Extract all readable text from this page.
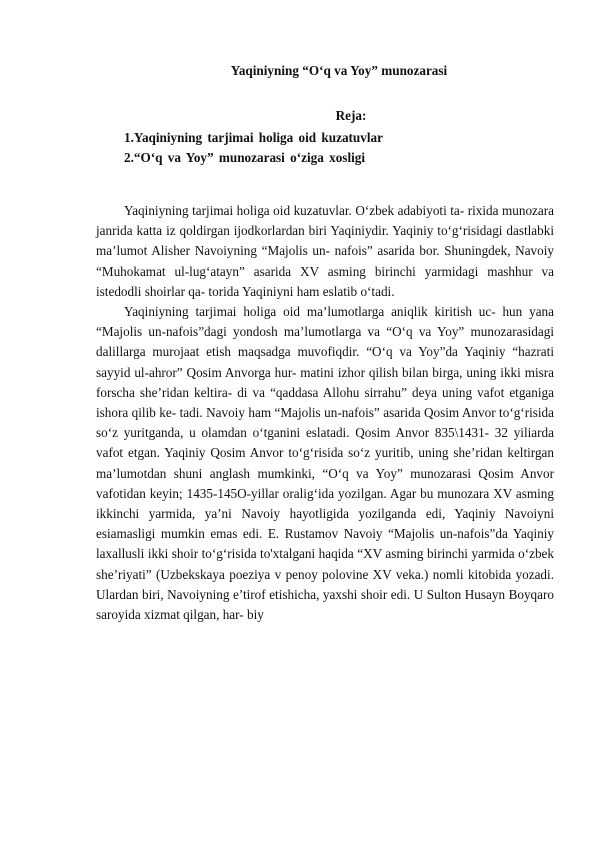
Yaqiniyning “O‘q va Yoy” munozarasi
Reja:
1.Yaqiniyning tarjimai holiga oid kuzatuvlar
2.“O‘q va Yoy” munozarasi o‘ziga xosligi

Yaqiniyning tarjimai holiga oid kuzatuvlar. O‘zbek adabiyoti ta- rixida munozara janrida katta iz qoldirgan ijodkorlardan biri Yaqiniydir. Yaqiniy to‘g‘risidagi dastlabki ma’lumot Alisher Navoiyning “Majolis un- nafois” asarida bor. Shuningdek, Navoiy “Muhokamat ul-lug‘atayn” asarida XV asming birinchi yarmidagi mashhur va istedodli shoirlar qa- torida Yaqiniyni ham eslatib o‘tadi.

Yaqiniyning tarjimai holiga oid ma’lumotlarga aniqlik kiritish uc- hun yana “Majolis un-nafois”dagi yondosh ma’lumotlarga va “O‘q va Yoy” munozarasidagi dalillarga murojaat etish maqsadga muvofiqdir. “O‘q va Yoy”da Yaqiniy “hazrati sayyid ul-ahror” Qosim Anvorga hur- matini izhor qilish bilan birga, uning ikki misra forscha she’ridan keltira- di va “qaddasa Allohu sirrahu” deya uning vafot etganiga ishora qilib ke- tadi. Navoiy ham “Majolis un-nafois” asarida Qosim Anvor to‘g‘risida so‘z yuritganda, u olamdan o‘tganini eslatadi. Qosim Anvor 835\1431- 32 yiliarda vafot etgan. Yaqiniy Qosim Anvor to‘g‘risida so‘z yuritib, uning she’ridan keltirgan ma’lumotdan shuni anglash mumkinki, “O‘q va Yoy” munozarasi Qosim Anvor vafotidan keyin; 1435-145O-yillar oralig‘ida yozilgan. Agar bu munozara XV asming ikkinchi yarmida, ya’ni Navoiy hayotligida yozilganda edi, Yaqiniy Navoiyni esiamasligi mumkin emas edi. E. Rustamov Navoiy “Majolis un-nafois”da Yaqiniy laxallusli ikki shoir to‘g‘risida to'xtalgani haqida “XV asming birinchi yarmida o‘zbek she’riyati” (Uzbekskaya poeziya v penoy polovine XV veka.) nomli kitobida yozadi. Ulardan biri, Navoiyning e’tirof etishicha, yaxshi shoir edi. U Sulton Husayn Boyqaro saroyida xizmat qilgan, har- biy
